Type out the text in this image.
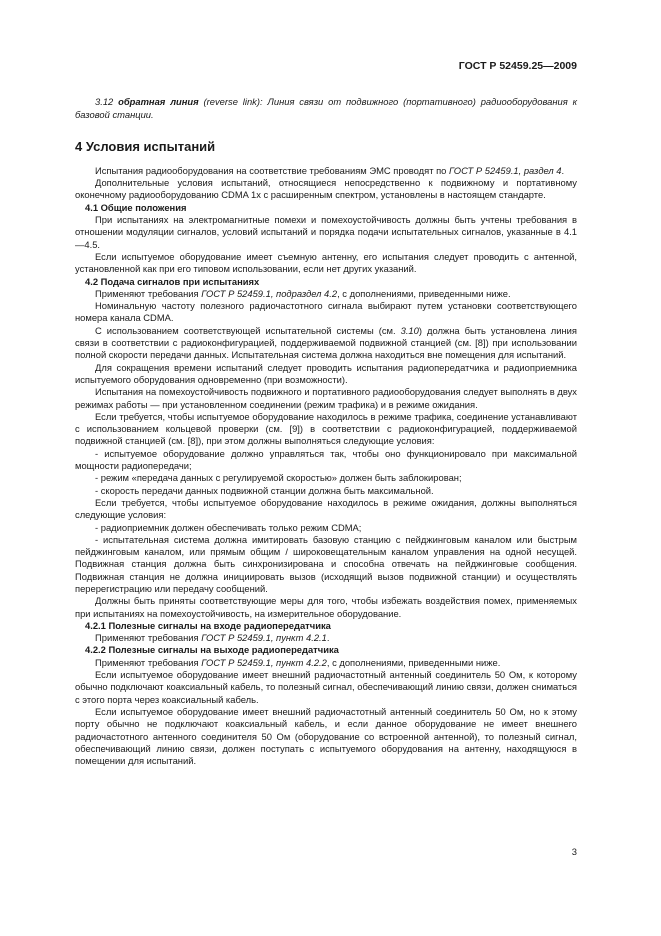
ГОСТ Р 52459.25—2009

3.12 обратная линия (reverse link): Линия связи от подвижного (портативного) радиооборудования к базовой станции.

4 Условия испытаний

Испытания радиооборудования на соответствие требованиям ЭМС проводят по ГОСТ Р 52459.1, раздел 4.

Дополнительные условия испытаний, относящиеся непосредственно к подвижному и портативному оконечному радиооборудованию CDMA 1x с расширенным спектром, установлены в настоящем стандарте.

4.1 Общие положения

При испытаниях на электромагнитные помехи и помехоустойчивость должны быть учтены требования в отношении модуляции сигналов, условий испытаний и порядка подачи испытательных сигналов, указанные в 4.1—4.5.

Если испытуемое оборудование имеет съемную антенну, его испытания следует проводить с антенной, установленной как при его типовом использовании, если нет других указаний.

4.2 Подача сигналов при испытаниях

Применяют требования ГОСТ Р 52459.1, подраздел 4.2, с дополнениями, приведенными ниже.

Номинальную частоту полезного радиочастотного сигнала выбирают путем установки соответствующего номера канала CDMA.

С использованием соответствующей испытательной системы (см. 3.10) должна быть установлена линия связи в соответствии с радиоконфигурацией, поддерживаемой подвижной станцией (см. [8]) при использовании полной скорости передачи данных. Испытательная система должна находиться вне помещения для испытаний.

Для сокращения времени испытаний следует проводить испытания радиопередатчика и радиоприемника испытуемого оборудования одновременно (при возможности).

Испытания на помехоустойчивость подвижного и портативного радиооборудования следует выполнять в двух режимах работы — при установленном соединении (режим трафика) и в режиме ожидания.

Если требуется, чтобы испытуемое оборудование находилось в режиме трафика, соединение устанавливают с использованием кольцевой проверки (см. [9]) в соответствии с радиоконфигурацией, поддерживаемой подвижной станцией (см. [8]), при этом должны выполняться следующие условия:

- испытуемое оборудование должно управляться так, чтобы оно функционировало при максимальной мощности радиопередачи;

- режим «передача данных с регулируемой скоростью» должен быть заблокирован;

- скорость передачи данных подвижной станции должна быть максимальной.

Если требуется, чтобы испытуемое оборудование находилось в режиме ожидания, должны выполняться следующие условия:

- радиоприемник должен обеспечивать только режим CDMA;

- испытательная система должна имитировать базовую станцию с пейджинговым каналом или быстрым пейджинговым каналом, или прямым общим / широковещательным каналом управления на одной несущей. Подвижная станция должна быть синхронизирована и способна отвечать на пейджинговые сообщения. Подвижная станция не должна инициировать вызов (исходящий вызов подвижной станции) и осуществлять перерегистрацию или передачу сообщений.

Должны быть приняты соответствующие меры для того, чтобы избежать воздействия помех, применяемых при испытаниях на помехоустойчивость, на измерительное оборудование.

4.2.1 Полезные сигналы на входе радиопередатчика

Применяют требования ГОСТ Р 52459.1, пункт 4.2.1.

4.2.2 Полезные сигналы на выходе радиопередатчика

Применяют требования ГОСТ Р 52459.1, пункт 4.2.2, с дополнениями, приведенными ниже.

Если испытуемое оборудование имеет внешний радиочастотный антенный соединитель 50 Ом, к которому обычно подключают коаксиальный кабель, то полезный сигнал, обеспечивающий линию связи, должен сниматься с этого порта через коаксиальный кабель.

Если испытуемое оборудование имеет внешний радиочастотный антенный соединитель 50 Ом, но к этому порту обычно не подключают коаксиальный кабель, и если данное оборудование не имеет внешнего радиочастотного антенного соединителя 50 Ом (оборудование со встроенной антенной), то полезный сигнал, обеспечивающий линию связи, должен поступать с испытуемого оборудования на антенну, находящуюся в помещении для испытаний.

3
